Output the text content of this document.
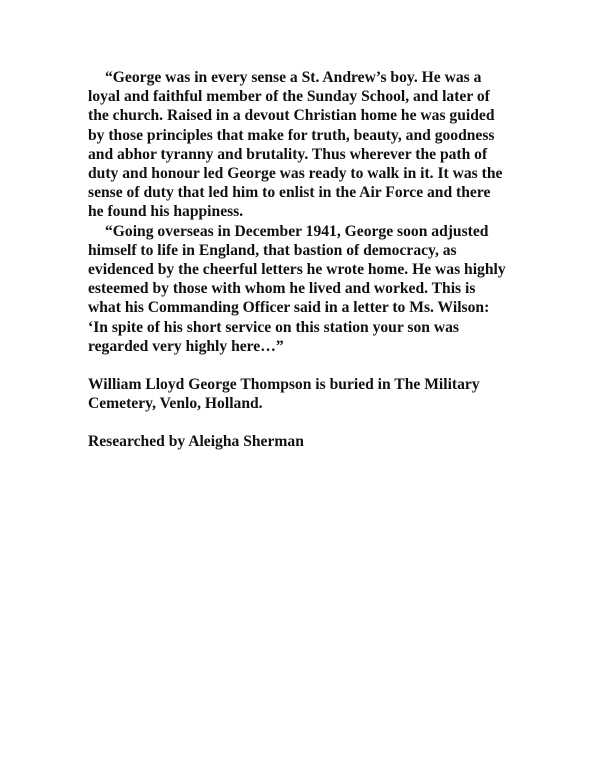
“George was in every sense a St. Andrew’s boy. He was a
loyal and faithful member of the Sunday School, and later of
the church. Raised in a devout Christian home he was guided
by those principles that make for truth, beauty, and goodness
and abhor tyranny and brutality. Thus wherever the path of
duty and honour led George was ready to walk in it. It was the
sense of duty that led him to enlist in the Air Force and there
he found his happiness.
“Going overseas in December 1941, George soon adjusted
himself to life in England, that bastion of democracy, as
evidenced by the cheerful letters he wrote home. He was highly
esteemed by those with whom he lived and worked. This is
what his Commanding Officer said in a letter to Ms. Wilson:
‘In spite of his short service on this station your son was
regarded very highly here…”
William Lloyd George Thompson is buried in The Military
Cemetery, Venlo, Holland.
Researched by Aleigha Sherman
